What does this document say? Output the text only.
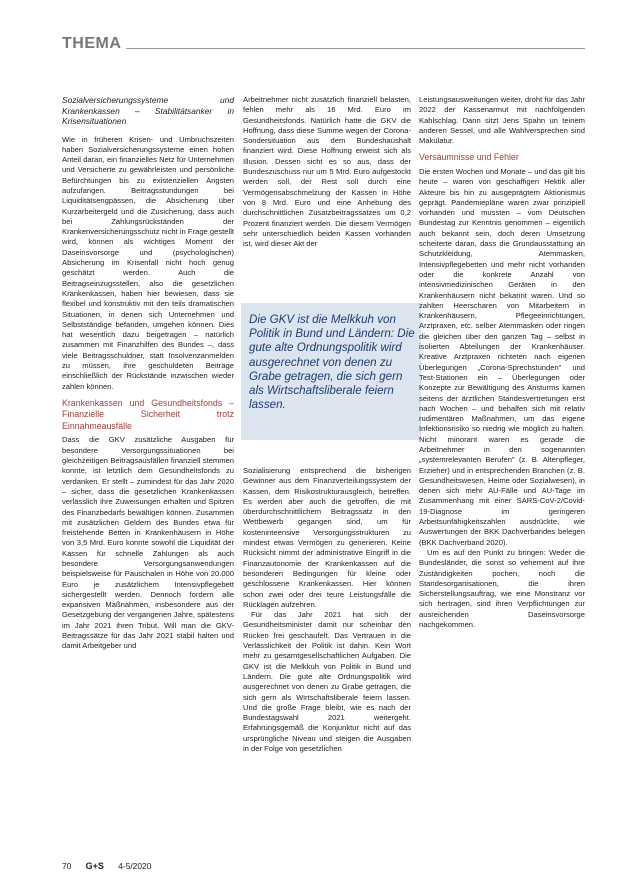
THEMA
Sozialversicherungssysteme und Krankenkassen – Stabilitätsanker in Krisensituationen

Wie in früheren Krisen- und Umbruchszeiten haben Sozialversicherungssysteme einen hohen Anteil daran, ein finanzielles Netz für Unternehmen und Versicherte zu gewährleisten und persönliche Befürchtungen bis zu existenziellen Ängsten aufzufangen. Beitragsstundungen bei Liquiditätsengpässen, die Absicherung über Kurzarbeitergeld und die Zusicherung, dass auch bei Zahlungsrückständen der Krankenversicherungsschutz nicht in Frage gestellt wird, können als wichtiges Moment der Daseinsvorsorge und (psychologischen) Absicherung im Krisenfall nicht hoch genug geschätzt werden. Auch die Beitragseinzugsstellen, also die gesetzlichen Krankenkassen, haben hier bewiesen, dass sie flexibel und konstruktiv mit den teils dramatischen Situationen, in denen sich Unternehmen und Selbstständige befanden, umgehen können. Dies hat wesentlich dazu beigetragen – natürlich zusammen mit Finanzhilfen des Bundes –, dass viele Beitragsschuldner, statt Insolvenzanmelden zu müssen, ihre geschuldeten Beiträge einschließlich der Rückstände inzwischen wieder zahlen können.

Krankenkassen und Gesundheitsfonds – Finanzielle Sicherheit trotz Einnahmeausfälle

Dass die GKV zusätzliche Ausgaben für besondere Versorgungssituationen bei gleichzeitigen Beitragsausfällen finanziell stemmen konnte, ist letztlich dem Gesundheitsfonds zu verdanken. Er stellt – zumindest für das Jahr 2020 – sicher, dass die gesetzlichen Krankenkassen verlässlich ihre Zuweisungen erhalten und Spitzen des Finanzbedarfs bewältigen können. Zusammen mit zusätzlichen Geldern des Bundes etwa für freistehende Betten in Krankenhäusern in Höhe von 3,5 Mrd. Euro konnte sowohl die Liquidität der Kassen für schnelle Zahlungen als auch besondere Versorgungsanwendungen beispielsweise für Pauschalen in Höhe von 20.000 Euro je zusätzlichem Intensivpflegebett sichergestellt werden. Dennoch fordern alle expansiven Maßnahmen, insbesondere aus der Gesetzgebung der vergangenen Jahre, spätestens im Jahr 2021 ihren Tribut. Will man die GKV-Beitragssätze für das Jahr 2021 stabil halten und damit Arbeitgeber und

Arbeitnehmer nicht zusätzlich finanziell belasten, fehlen mehr als 16 Mrd. Euro im Gesundheitsfonds. Natürlich hatte die GKV die Hoffnung, dass diese Summe wegen der Corona-Sondersituation aus dem Bundeshaushalt finanziert wird. Diese Hoffnung erweist sich als Illusion. Dessen sicht es so aus, dass der Bundeszuschuss nur um 5 Mrd. Euro aufgestockt werden soll, der Rest soll durch eine Vermögensabschmelzung der Kassen in Höhe von 8 Mrd. Euro und eine Anhebung des durchschnittlichen Zusatzbeitragssatzes um 0,2 Prozent finanziert werden. Die diesem Vermögen sehr unterschiedlich beiden Kassen vorhanden ist, wird dieser Akt der

Die GKV ist die Melkkuh von Politik in Bund und Ländern: Die gute alte Ordnungspolitik wird ausgerechnet von denen zu Grabe getragen, die sich gern als Wirtschaftsliberale feiern lassen.

Sozialisierung entsprechend die bisherigen Gewinner aus dem Finanzverteilungssystem der Kassen, dem Risikostrukturausgleich, betreffen. Es werden aber auch die getroffen, die mit überdurchschnittlichem Beitragssatz in den Wettbewerb gegangen sind, um für kosteninteensive Versorgungsstrukturen zu mindest etwas Vermögen zu generieren. Keine Rücksicht nimmt der administrative Eingriff in die Finanzautonomie der Krankenkassen auf die besonderen Bedingungen für kleine oder geschlossene Krankenkassen. Hier können schon zwei oder drei teure Leistungsfälle die Rücklagen aufzehren.

Für das Jahr 2021 hat sich der Gesundheitsminister damit nur scheinbar den Rücken frei geschaufelt. Das Vertrauen in die Verlässlichkeit der Politik ist dahin. Kein Wort mehr zu gesamtgesellschaftlichen Aufgaben. Die GKV ist die Melkkuh von Politik in Bund und Ländern. Die gute alte Ordnungspolitik wird ausgerechnet von denen zu Grabe getragen, die sich gern als Wirtschaftsliberale feiern lassen. Und die große Frage bleibt, wie es nach der Bundestagswahl 2021 weitergeht. Erfahrungsgemäß die Konjunktur nicht auf das ursprüngliche Niveau und steigen die Ausgaben in der Folge von gesetzlichen

Leistungsausweitungen weiter, droht für das Jahr 2022 der Kassenarmut mit nachfolgenden Kahlschlag. Dann sitzt Jens Spahn un teinem anderen Sessel, und alle Wahlversprechen sind Makulatur.

Versäumnisse und Fehler

Die ersten Wochen und Monate – und das gilt bis heute – waren von geschaffigen Hektik aller Akteure bis hin zu ausgeprägtem Aktionismus geprägt. Pandemiepläne waren zwar prinzipiell vorhanden und mussten – vom Deutschen Bundestag zur Kenntnis genommen – eigentlich auch bekannt sein, doch deren Umsetzung scheiterte daran, dass die Grundausstattung an Schutzkleidung, Atemmasken, Intensivpflegebetten und mehr nicht vorhanden oder die konkrete Anzahl von intensivmedizinischen Geräten in den Krankenhäusern nicht bekannt waren. Und so zahlten Heerscharen von Mitarbeitern in Krankenhäusern, Pflegeeinrichtungen, Arztpraxen, etc. selber Atemmasken oder ringen die gleichen über den ganzen Tag – selbst in isolierten Abteilungen der Krankenhäuser. Kreative Arztpraxen richteten nach eigenen Überlegungen „Corona-Sprechstunden" und Test-Stationen ein – Überlegungen oder Konzepte zur Bewältigung des Ansturms kamen seitens der ärztlichen Standesvertretungen erst nach Wochen – und behalfen sich mit relativ rudimentären Maßnahmen, um das eigene Infektionsrisiko so niedrig wie möglich zu halten. Nicht minorant waren es gerade die Arbeitnehmer in den sogenannten „systemrelevanten Berufen" (z. B. Altenpfleger, Erzieher) und in entsprechenden Branchen (z. B. Gesundheitswesen, Heime oder Sozialwesen), in denen sich mehr AU-Fälle und AU-Tage im Zusammenhang mit einer SARS-CoV-2/Covid-19-Diagnose im geringeren Arbeitsunfähigkeitszahlen ausdrückte, wie Auswertungen der BKK Dachverbandes belegen (BKK Dachverband 2020).

Um es auf den Punkt zu bringen: Weder die Bundesländer, die sonst so vehement auf ihre Zuständigkeiten pochen, noch die Standesorganisationen, die ihren Sicherstellungsauftrag, wie eine Monstranz vor sich hertragen, sind ihren Verpflichtungen zur ausreichenden Daseinsvorsorge nachgekommen.

70 G+S 4-5/2020
